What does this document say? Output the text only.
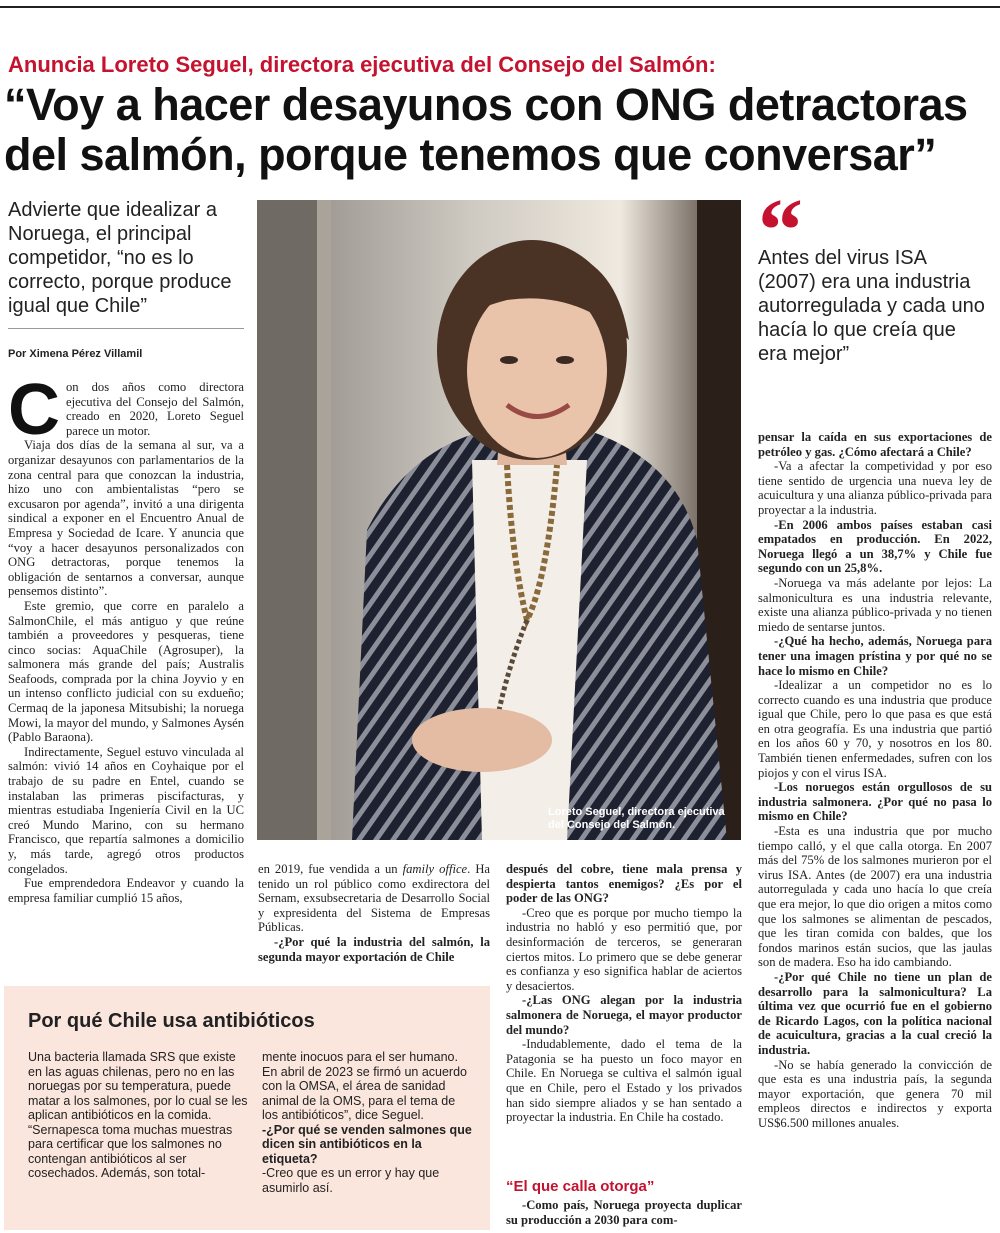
Anuncia Loreto Seguel, directora ejecutiva del Consejo del Salmón:
“Voy a hacer desayunos con ONG detractoras del salmón, porque tenemos que conversar”
Advierte que idealizar a Noruega, el principal competidor, “no es lo correcto, porque produce igual que Chile”
Por Ximena Pérez Villamil
C on dos años como directora ejecutiva del Consejo del Salmón, creado en 2020, Loreto Seguel parece un motor.

Viaja dos días de la semana al sur, va a organizar desayunos con parlamentarios de la zona central para que conozcan la industria, hizo uno con ambientalistas “pero se excusaron por agenda”, invitó a una dirigenta sindical a exponer en el Encuentro Anual de Empresa y Sociedad de Icare. Y anuncia que “voy a hacer desayunos personalizados con ONG detractoras, porque tenemos la obligación de sentarnos a conversar, aunque pensemos distinto”.

Este gremio, que corre en paralelo a SalmonChile, el más antiguo y que reúne también a proveedores y pesqueras, tiene cinco socias: AquaChile (Agrosuper), la salmonera más grande del país; Australis Seafoods, comprada por la china Joyvio y en un intenso conflicto judicial con su exdueño; Cermaq de la japonesa Mitsubishi; la noruega Mowi, la mayor del mundo, y Salmones Aysén (Pablo Baraona).

Indirectamente, Seguel estuvo vinculada al salmón: vivió 14 años en Coyhaique por el trabajo de su padre en Entel, cuando se instalaban las primeras piscifacturas, y mientras estudiaba Ingeniería Civil en la UC creó Mundo Marino, con su hermano Francisco, que repartía salmones a domicilio y, más tarde, agregó otros productos congelados.

Fue emprendedora Endeavor y cuando la empresa familiar cumplió 15 años,

Loreto Seguel, directora ejecutiva del Consejo del Salmón.
“
Antes del virus ISA (2007) era una industria autorregulada y cada uno hacía lo que creía que era mejor”

en 2019, fue vendida a un family office. Ha tenido un rol público como exdirectora del Sernam, exsubsecretaria de Desarrollo Social y expresidenta del Sistema de Empresas Públicas.

-¿Por qué la industria del salmón, la segunda mayor exportación de Chile

después del cobre, tiene mala prensa y despierta tantos enemigos? ¿Es por el poder de las ONG?

-Creo que es porque por mucho tiempo la industria no habló y eso permitió que, por desinformación de terceros, se generaran ciertos mitos. Lo primero que se debe generar es confianza y eso significa hablar de aciertos y desaciertos.

-¿Las ONG alegan por la industria salmonera de Noruega, el mayor productor del mundo?

-Indudablemente, dado el tema de la Patagonia se ha puesto un foco mayor en Chile. En Noruega se cultiva el salmón igual que en Chile, pero el Estado y los privados han sido siempre aliados y se han sentado a proyectar la industria. En Chile ha costado.

“El que calla otorga”

-Como país, Noruega proyecta duplicar su producción a 2030 para com-

pensar la caída en sus exportaciones de petróleo y gas. ¿Cómo afectará a Chile?

-Va a afectar la competividad y por eso tiene sentido de urgencia una nueva ley de acuicultura y una alianza público-privada para proyectar a la industria.

-En 2006 ambos países estaban casi empatados en producción. En 2022, Noruega llegó a un 38,7% y Chile fue segundo con un 25,8%.

-Noruega va más adelante por lejos: La salmonicultura es una industria relevante, existe una alianza público-privada y no tienen miedo de sentarse juntos.

-¿Qué ha hecho, además, Noruega para tener una imagen prístina y por qué no se hace lo mismo en Chile?

-Idealizar a un competidor no es lo correcto cuando es una industria que produce igual que Chile, pero lo que pasa es que está en otra geografía. Es una industria que partió en los años 60 y 70, y nosotros en los 80. También tienen enfermedades, sufren con los piojos y con el virus ISA.

-Los noruegos están orgullosos de su industria salmonera. ¿Por qué no pasa lo mismo en Chile?

-Esta es una industria que por mucho tiempo calló, y el que calla otorga. En 2007 más del 75% de los salmones murieron por el virus ISA. Antes (de 2007) era una industria autorregulada y cada uno hacía lo que creía que era mejor, lo que dio origen a mitos como que los salmones se alimentan de pescados, que les tiran comida con baldes, que los fondos marinos están sucios, que las jaulas son de madera. Eso ha ido cambiando.

-¿Por qué Chile no tiene un plan de desarrollo para la salmonicultura? La última vez que ocurrió fue en el gobierno de Ricardo Lagos, con la política nacional de acuicultura, gracias a la cual creció la industria.

-No se había generado la convicción de que esta es una industria país, la segunda mayor exportación, que genera 70 mil empleos directos e indirectos y exporta US$6.500 millones anuales.

Por qué Chile usa antibióticos

Una bacteria llamada SRS que existe en las aguas chilenas, pero no en las noruegas por su temperatura, puede matar a los salmones, por lo cual se les aplican antibióticos en la comida.

“Sernapesca toma muchas muestras para certificar que los salmones no contengan antibióticos al ser cosechados. Además, son total-

mente inocuos para el ser humano. En abril de 2023 se firmó un acuerdo con la OMSA, el área de sanidad animal de la OMS, para el tema de los antibióticos”, dice Seguel.

-¿Por qué se venden salmones que dicen sin antibióticos en la etiqueta?

-Creo que es un error y hay que asumirlo así.
